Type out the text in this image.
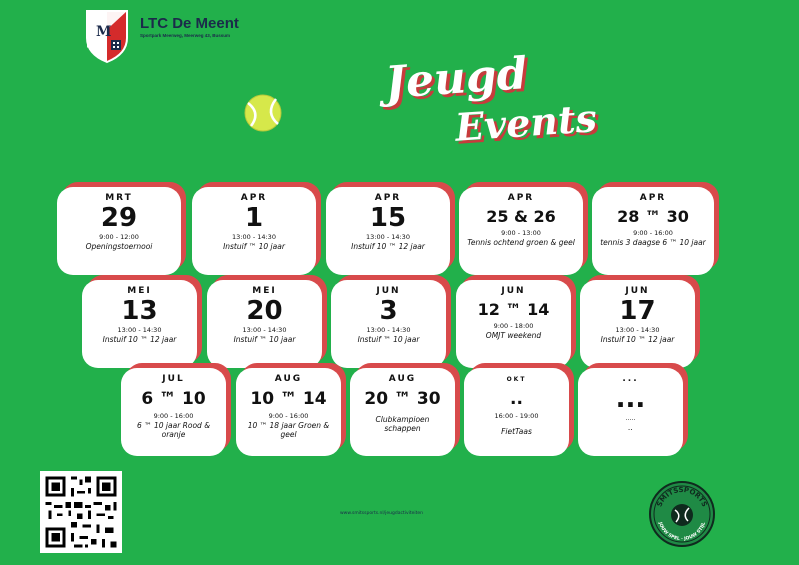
M LTC De Meent
Sportpark Meerweg, Meerweg 43, Bussum
Jeugd
Events
MRT
29
9:00 - 12:00
Openingstoernooi
APR
1
13:00 - 14:30
Instuif ™ 10 jaar
APR
15
13:00 - 14:30
Instuif 10 ™ 12 jaar
APR
25 & 26
9:00 - 13:00
Tennis ochtend groen & geel
APR
28 ™ 30
9:00 - 16:00
tennis 3 daagse 6 ™ 10 jaar
MEI
13
13:00 - 14:30
Instuif 10 ™ 12 jaar
MEI
20
13:00 - 14:30
Instuif ™ 10 jaar
JUN
3
13:00 - 14:30
Instuif ™ 10 jaar
JUN
12 ™ 14
9:00 - 18:00
OMJT weekend
JUN
17
13:00 - 14:30
Instuif 10 ™ 12 jaar
JUL
6 ™ 10
9:00 - 16:00
6 ™ 10 jaar Rood & oranje
AUG
10 ™ 14
9:00 - 16:00
10 ™ 18 jaar Groen & geel
AUG
20 ™ 30
Clubkampioen schappen
OKT
..
16:00 - 19:00
FietTaas
...
...
.....
..
www.smitssports.nl/jeugdactiviteiten
SMITSSPORTS
JOUW SPEL · JOUW STIJL
